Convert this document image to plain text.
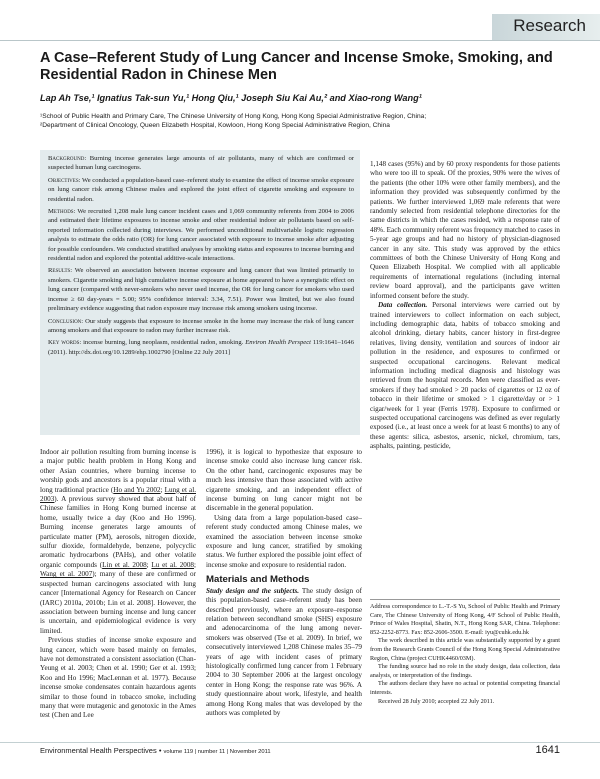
Research
A Case–Referent Study of Lung Cancer and Incense Smoke, Smoking, and Residential Radon in Chinese Men
Lap Ah Tse,¹ Ignatius Tak-sun Yu,¹ Hong Qiu,¹ Joseph Siu Kai Au,² and Xiao-rong Wang¹
¹School of Public Health and Primary Care, The Chinese University of Hong Kong, Hong Kong Special Administrative Region, China;
²Department of Clinical Oncology, Queen Elizabeth Hospital, Kowloon, Hong Kong Special Administrative Region, China

Background: Burning incense generates large amounts of air pollutants, many of which are confirmed or suspected human lung carcinogens.

Objectives: We conducted a population-based case–referent study to examine the effect of incense smoke exposure on lung cancer risk among Chinese males and explored the joint effect of cigarette smoking and exposure to residential radon.

Methods: We recruited 1,208 male lung cancer incident cases and 1,069 community referents from 2004 to 2006 and estimated their lifetime exposures to incense smoke and other residential indoor air pollutants based on self-reported information collected during interviews. We performed unconditional multivariable logistic regression analysis to estimate the odds ratio (OR) for lung cancer associated with exposure to incense smoke after adjusting for possible confounders. We conducted stratified analyses by smoking status and exposures to incense burning and residential radon and explored the potential additive-scale interactions.

Results: We observed an association between incense exposure and lung cancer that was limited primarily to smokers. Cigarette smoking and high cumulative incense exposure at home appeared to have a synergistic effect on lung cancer (compared with never-smokers who never used incense, the OR for lung cancer for smokers who used incense ≥ 60 day-years = 5.00; 95% confidence interval: 3.34, 7.51). Power was limited, but we also found preliminary evidence suggesting that radon exposure may increase risk among smokers using incense.

Conclusion: Our study suggests that exposure to incense smoke in the home may increase the risk of lung cancer among smokers and that exposure to radon may further increase risk.

Key words: incense burning, lung neoplasm, residential radon, smoking. Environ Health Perspect 119:1641–1646 (2011). http://dx.doi.org/10.1289/ehp.1002790 [Online 22 July 2011]

Indoor air pollution resulting from burning incense is a major public health problem in Hong Kong and other Asian countries, where burning incense to worship gods and ancestors is a popular ritual with a long traditional practice (Ho and Yu 2002; Lung et al. 2003). A previous survey showed that about half of Chinese families in Hong Kong burned incense at home, usually twice a day (Koo and Ho 1996). Burning incense generates large amounts of particulate matter (PM), aerosols, nitrogen dioxide, sulfur dioxide, formaldehyde, benzene, polycyclic aromatic hydrocarbons (PAHs), and other volatile organic compounds (Lin et al. 2008; Lu et al. 2008; Wang et al. 2007); many of these are confirmed or suspected human carcinogens associated with lung cancer [International Agency for Research on Cancer (IARC) 2010a, 2010b; Lin et al. 2008]. However, the association between burning incense and lung cancer is uncertain, and epidemiological evidence is very limited.

Previous studies of incense smoke exposure and lung cancer, which were based mainly on females, have not demonstrated a consistent association (Chan-Yeung et al. 2003; Chen et al. 1990; Ger et al. 1993; Koo and Ho 1996; MacLennan et al. 1977). Because incense smoke condensates contain hazardous agents similar to those found in tobacco smoke, including many that were mutagenic and genotoxic in the Ames test (Chen and Lee

1996), it is logical to hypothesize that exposure to incense smoke could also increase lung cancer risk. On the other hand, carcinogenic exposures may be much less intensive than those associated with active cigarette smoking, and an independent effect of incense burning on lung cancer might not be discernable in the general population.

Using data from a large population-based case–referent study conducted among Chinese males, we examined the association between incense smoke exposure and lung cancer, stratified by smoking status. We further explored the possible joint effect of incense smoke and exposure to residential radon.

Materials and Methods

Study design and the subjects. The study design of this population-based case–referent study has been described previously, where an exposure–response relation between secondhand smoke (SHS) exposure and adenocarcinoma of the lung among never-smokers was observed (Tse et al. 2009). In brief, we consecutively interviewed 1,208 Chinese males 35–79 years of age with incident cases of primary histologically confirmed lung cancer from 1 February 2004 to 30 September 2006 at the largest oncology center in Hong Kong; the response rate was 96%. A study questionnaire about work, lifestyle, and health among Hong Kong males that was developed by the authors was completed by

1,148 cases (95%) and by 60 proxy respondents for those patients who were too ill to speak. Of the proxies, 90% were the wives of the patients (the other 10% were other family members), and the information they provided was subsequently confirmed by the patients. We further interviewed 1,069 male referents that were randomly selected from residential telephone directories for the same districts in which the cases resided, with a response rate of 48%. Each community referent was frequency matched to cases in 5-year age groups and had no history of physician-diagnosed cancer in any site. This study was approved by the ethics committees of both the Chinese University of Hong Kong and Queen Elizabeth Hospital. We complied with all applicable requirements of international regulations (including internal review board approval), and the participants gave written informed consent before the study.

Data collection. Personal interviews were carried out by trained interviewers to collect information on each subject, including demographic data, habits of tobacco smoking and alcohol drinking, dietary habits, cancer history in first-degree relatives, living density, ventilation and sources of indoor air pollution in the residence, and exposures to confirmed or suspected occupational carcinogens. Relevant medical information including medical diagnosis and histology was retrieved from the hospital records. Men were classified as ever-smokers if they had smoked > 20 packs of cigarettes or 12 oz of tobacco in their lifetime or smoked > 1 cigarette/day or > 1 cigar/week for 1 year (Ferris 1978). Exposure to confirmed or suspected occupational carcinogens was defined as ever regularly exposed (i.e., at least once a week for at least 6 months) to any of these agents: silica, asbestos, arsenic, nickel, chromium, tars, asphalts, painting, pesticide,

Address correspondence to L.-T.-S Yu, School of Public Health and Primary Care, The Chinese University of Hong Kong, 4/F School of Public Health, Prince of Wales Hospital, Shatin, N.T., Hong Kong SAR, China. Telephone: 852-2252-8773. Fax: 852-2606-3500. E-mail: iyu@cuhk.edu.hk

The work described in this article was substantially supported by a grant from the Research Grants Council of the Hong Kong Special Administrative Region, China (project CUHK4460/03M).

The funding source had no role in the study design, data collection, data analysis, or interpretation of the findings.

The authors declare they have no actual or potential competing financial interests.

Received 28 July 2010; accepted 22 July 2011.

Environmental Health Perspectives • volume 119 | number 11 | November 2011	1641
